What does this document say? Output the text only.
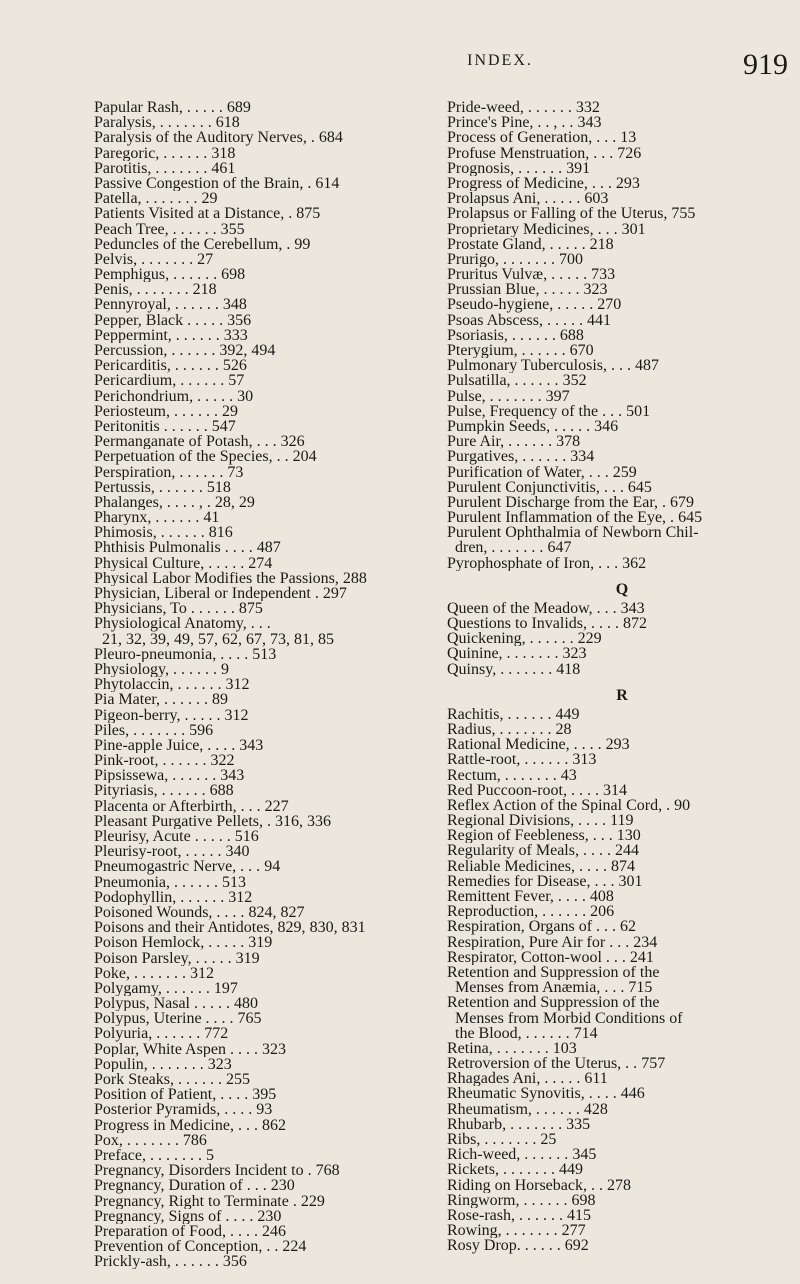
INDEX.	919
Papular Rash, . . . . . 689
Paralysis, . . . . . . . 618
Paralysis of the Auditory Nerves, . 684
Paregoric, . . . . . . 318
Parotitis, . . . . . . . 461
Passive Congestion of the Brain, . 614
Patella, . . . . . . . 29
Patients Visited at a Distance, . 875
Peach Tree, . . . . . . 355
Peduncles of the Cerebellum, . 99
Pelvis, . . . . . . . 27
Pemphigus, . . . . . . 698
Penis, . . . . . . . 218
Pennyroyal, . . . . . . 348
Pepper, Black . . . . . 356
Peppermint, . . . . . . 333
Percussion, . . . . . . 392, 494
Pericarditis, . . . . . . 526
Pericardium, . . . . . . 57
Perichondrium, . . . . . 30
Periosteum, . . . . . . 29
Peritonitis . . . . . . 547
Permanganate of Potash, . . . 326
Perpetuation of the Species, . . 204
Perspiration, . . . . . . 73
Pertussis, . . . . . . 518
Phalanges, . . . . , . 28, 29
Pharynx, . . . . . . 41
Phimosis, . . . . . . 816
Phthisis Pulmonalis . . . . 487
Physical Culture, . . . . . 274
Physical Labor Modifies the Passions, 288
Physician, Liberal or Independent . 297
Physicians, To . . . . . . 875
Physiological Anatomy, . . .
21, 32, 39, 49, 57, 62, 67, 73, 81, 85
Pleuro-pneumonia, . . . . 513
Physiology, . . . . . . 9
Phytolaccin, . . . . . . 312
Pia Mater, . . . . . . 89
Pigeon-berry, . . . . . 312
Piles, . . . . . . . 596
Pine-apple Juice, . . . . 343
Pink-root, . . . . . . 322
Pipsissewa, . . . . . . 343
Pityriasis, . . . . . . 688
Placenta or Afterbirth, . . . 227
Pleasant Purgative Pellets, . 316, 336
Pleurisy, Acute . . . . . 516
Pleurisy-root, . . . . . 340
Pneumogastric Nerve, . . . 94
Pneumonia, . . . . . . 513
Podophyllin, . . . . . . 312
Poisoned Wounds, . . . . 824, 827
Poisons and their Antidotes, 829, 830, 831
Poison Hemlock, . . . . . 319
Poison Parsley, . . . . . 319
Poke, . . . . . . . 312
Polygamy, . . . . . . 197
Polypus, Nasal . . . . . 480
Polypus, Uterine . . . . 765
Polyuria, . . . . . . 772
Poplar, White Aspen . . . . 323
Populin, . . . . . . . 323
Pork Steaks, . . . . . . 255
Position of Patient, . . . . 395
Posterior Pyramids, . . . . 93
Progress in Medicine, . . . 862
Pox, . . . . . . . 786
Preface, . . . . . . . 5
Pregnancy, Disorders Incident to . 768
Pregnancy, Duration of . . . 230
Pregnancy, Right to Terminate . 229
Pregnancy, Signs of . . . . 230
Preparation of Food, . . . . 246
Prevention of Conception, . . 224
Prickly-ash, . . . . . . 356
Pride-weed, . . . . . . 332
Prince's Pine, . . , . . 343
Process of Generation, . . . 13
Profuse Menstruation, . . . 726
Prognosis, . . . . . . 391
Progress of Medicine, . . . 293
Prolapsus Ani, . . . . . 603
Prolapsus or Falling of the Uterus, 755
Proprietary Medicines, . . . 301
Prostate Gland, . . . . . 218
Prurigo, . . . . . . . 700
Pruritus Vulvæ, . . . . . 733
Prussian Blue, . . . . . 323
Pseudo-hygiene, . . . . . 270
Psoas Abscess, . . . . . 441
Psoriasis, . . . . . . 688
Pterygium, . . . . . . 670
Pulmonary Tuberculosis, . . . 487
Pulsatilla, . . . . . . 352
Pulse, . . . . . . . 397
Pulse, Frequency of the . . . 501
Pumpkin Seeds, . . . . . 346
Pure Air, . . . . . . 378
Purgatives, . . . . . . 334
Purification of Water, . . . 259
Purulent Conjunctivitis, . . . 645
Purulent Discharge from the Ear, . 679
Purulent Inflammation of the Eye, . 645
Purulent Ophthalmia of Newborn Chil-
dren, . . . . . . . 647
Pyrophosphate of Iron, . . . 362
Q
Queen of the Meadow, . . . 343
Questions to Invalids, . . . . 872
Quickening, . . . . . . 229
Quinine, . . . . . . . 323
Quinsy, . . . . . . . 418
R
Rachitis, . . . . . . 449
Radius, . . . . . . . 28
Rational Medicine, . . . . 293
Rattle-root, . . . . . . 313
Rectum, . . . . . . . 43
Red Puccoon-root, . . . . 314
Reflex Action of the Spinal Cord, . 90
Regional Divisions, . . . . 119
Region of Feebleness, . . . 130
Regularity of Meals, . . . . 244
Reliable Medicines, . . . . 874
Remedies for Disease, . . . 301
Remittent Fever, . . . . 408
Reproduction, . . . . . . 206
Respiration, Organs of . . . 62
Respiration, Pure Air for . . . 234
Respirator, Cotton-wool . . . 241
Retention and Suppression of the
Menses from Anæmia, . . . 715
Retention and Suppression of the
Menses from Morbid Conditions of
the Blood, . . . . . . 714
Retina, . . . . . . . 103
Retroversion of the Uterus, . . 757
Rhagades Ani, . . . . . 611
Rheumatic Synovitis, . . . . 446
Rheumatism, . . . . . . 428
Rhubarb, . . . . . . . 335
Ribs, . . . . . . . 25
Rich-weed, . . . . . . 345
Rickets, . . . . . . . 449
Riding on Horseback, . . 278
Ringworm, . . . . . . 698
Rose-rash, . . . . . . 415
Rowing, . . . . . . . 277
Rosy Drop. . . . . . 692
